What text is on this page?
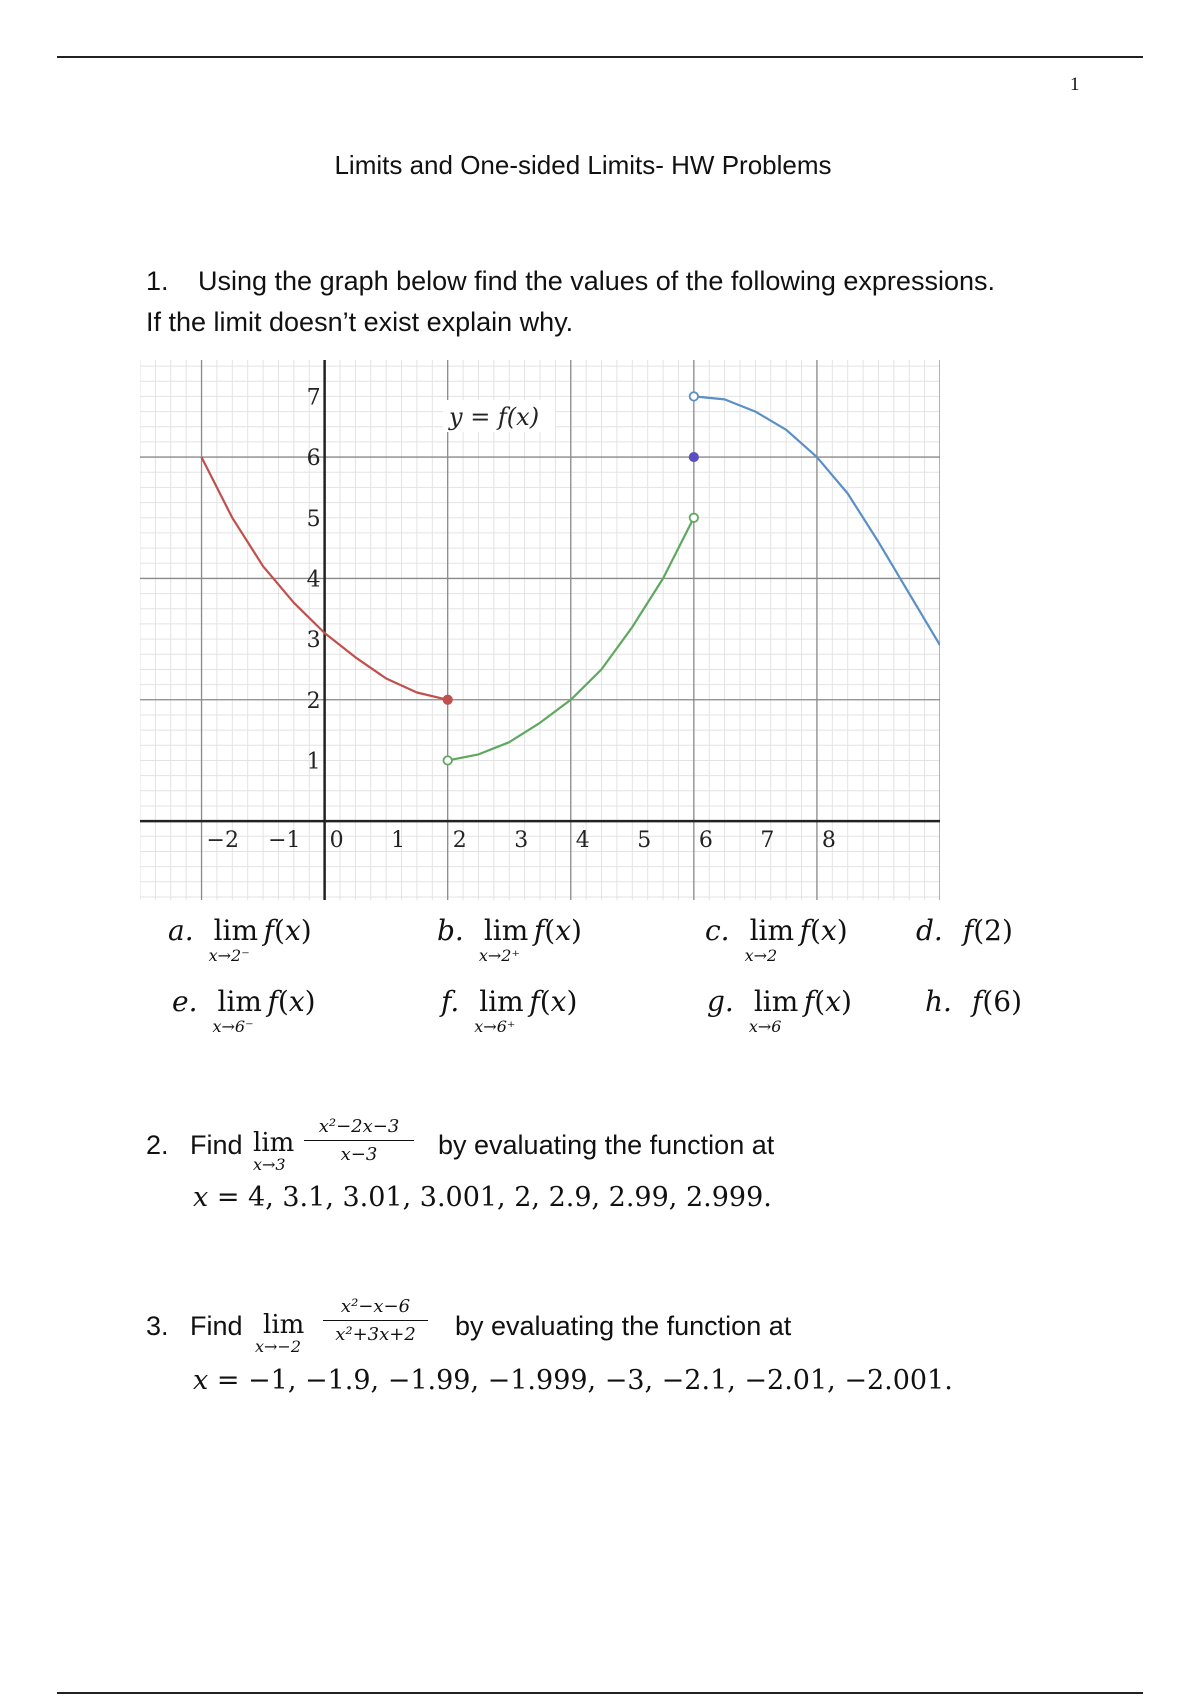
1
Limits and One-sided Limits- HW Problems
1. Using the graph below find the values of the following expressions.
If the limit doesn’t exist explain why.
−2 −1 0 1 2 3 4 5 6 7 8
1
2
3
4
5
6
7
y = f(x)
a. lim
x→2⁻
 f(x)	b. lim
x→2⁺
 f(x)	c. lim
x→2
 f(x) d. f(2)
e. lim
x→6⁻
 f(x)	f. lim
x→6⁺
 f(x)	g. lim
x→6
 f(x)	h. f(6)
2. Find lim
$x\to 3 \frac{\text{x²−2x−3}}{x-3}$ by evaluating the function at
x = 4, 3.1, 3.01, 3.001, 2, 2.9, 2.99, 2.999.
3. Find lim
x→−2
$\frac{\text{x²−x−6}}{\text{x²+3x+2}}$ by evaluating the function at
x = −1, −1.9, −1.99, −1.999, −3, −2.1, −2.01, −2.001.
